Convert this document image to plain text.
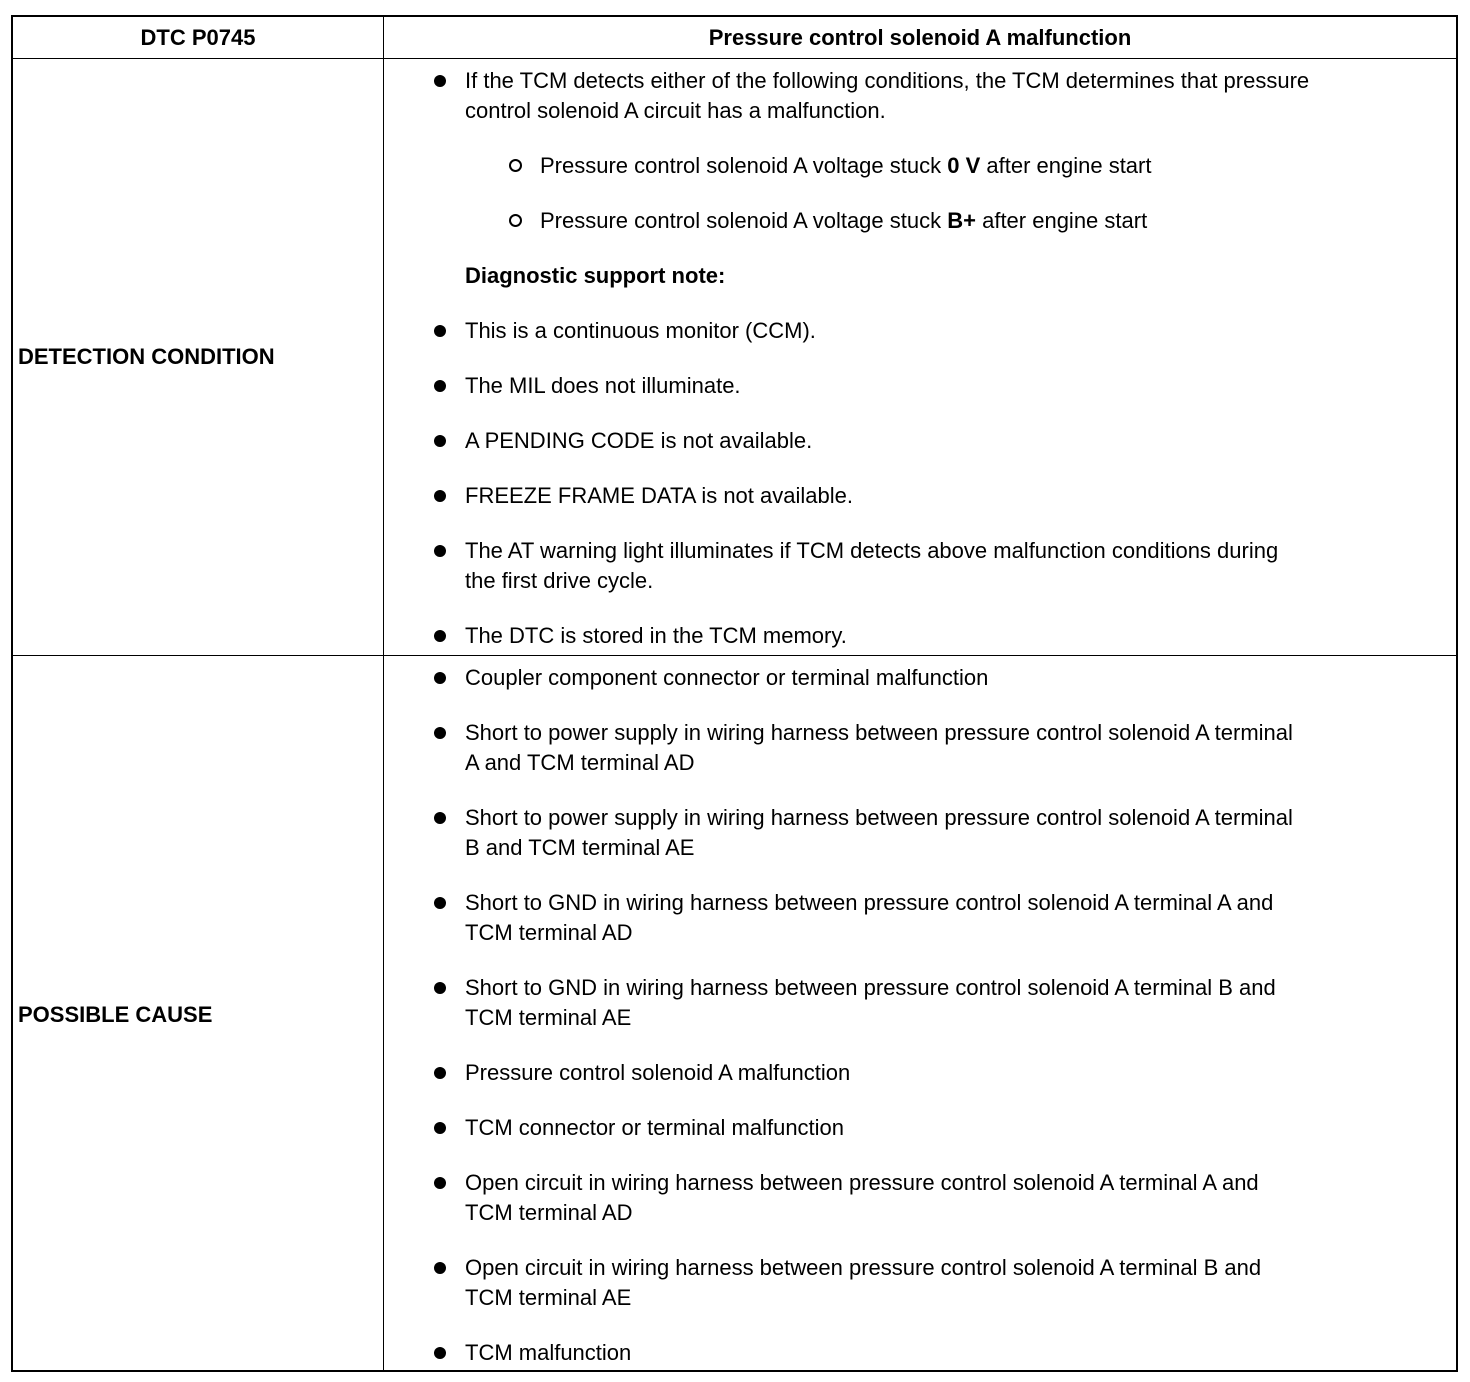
DTC P0745	Pressure control solenoid A malfunction
DETECTION CONDITION
POSSIBLE CAUSE
If the TCM detects either of the following conditions, the TCM determines that pressure
control solenoid A circuit has a malfunction.
Pressure control solenoid A voltage stuck 0 V after engine start
Pressure control solenoid A voltage stuck B+ after engine start
Diagnostic support note:
This is a continuous monitor (CCM).
The MIL does not illuminate.
A PENDING CODE is not available.
FREEZE FRAME DATA is not available.
The AT warning light illuminates if TCM detects above malfunction conditions during
the first drive cycle.
The DTC is stored in the TCM memory.
Coupler component connector or terminal malfunction
Short to power supply in wiring harness between pressure control solenoid A terminal
A and TCM terminal AD
Short to power supply in wiring harness between pressure control solenoid A terminal
B and TCM terminal AE
Short to GND in wiring harness between pressure control solenoid A terminal A and
TCM terminal AD
Short to GND in wiring harness between pressure control solenoid A terminal B and
TCM terminal AE
Pressure control solenoid A malfunction
TCM connector or terminal malfunction
Open circuit in wiring harness between pressure control solenoid A terminal A and
TCM terminal AD
Open circuit in wiring harness between pressure control solenoid A terminal B and
TCM terminal AE
TCM malfunction
